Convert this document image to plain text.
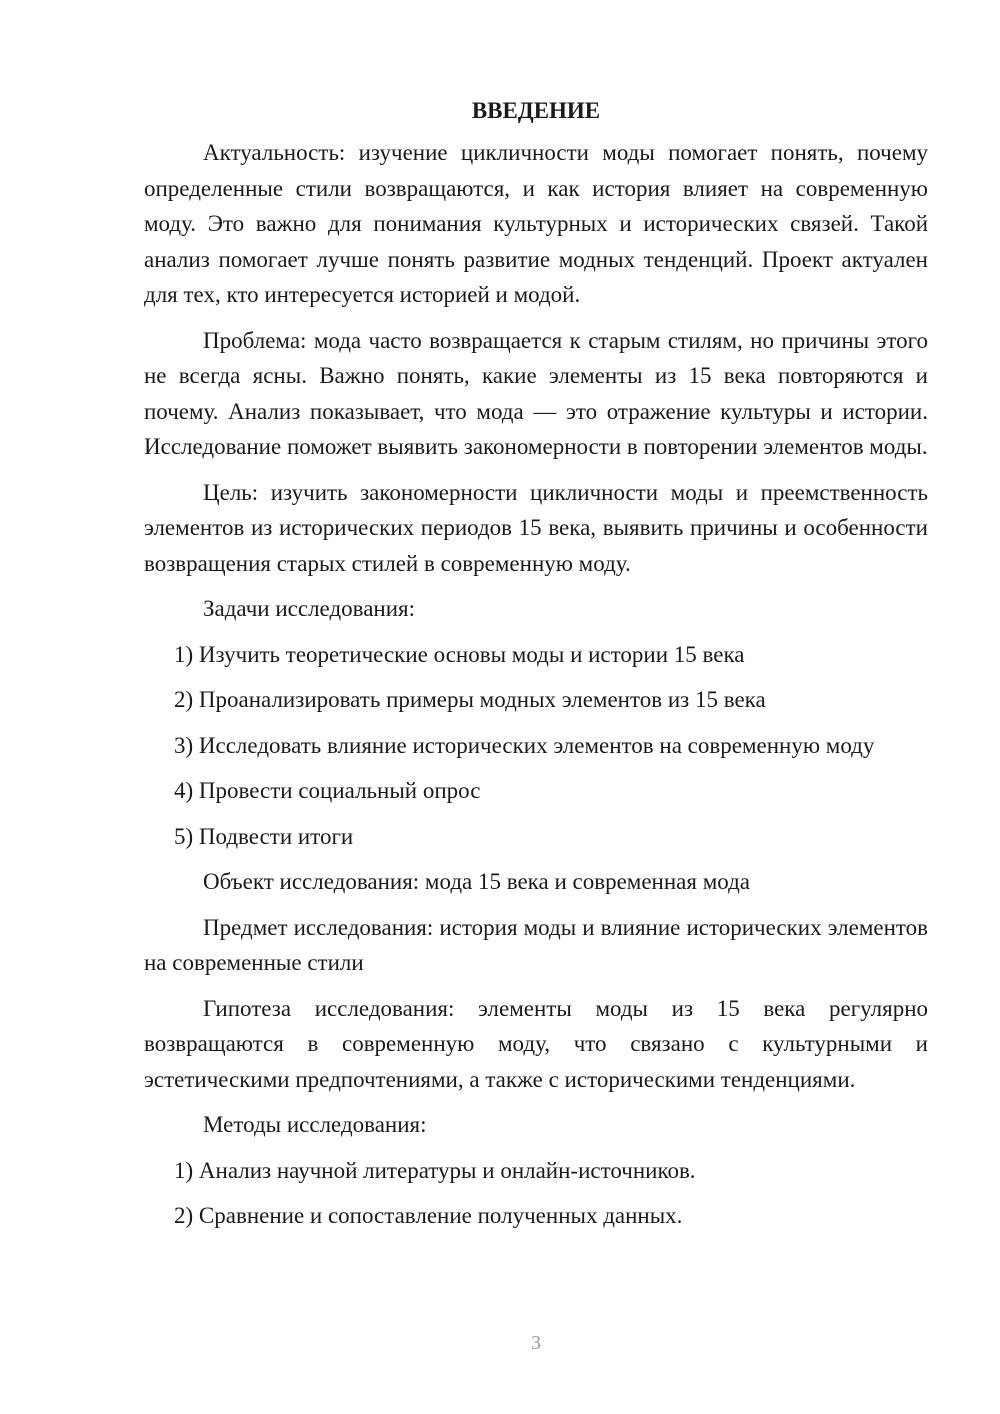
ВВЕДЕНИЕ

Актуальность: изучение цикличности моды помогает понять, почему определенные стили возвращаются, и как история влияет на современную моду. Это важно для понимания культурных и исторических связей. Такой анализ помогает лучше понять развитие модных тенденций. Проект актуален для тех, кто интересуется историей и модой.

Проблема: мода часто возвращается к старым стилям, но причины этого не всегда ясны. Важно понять, какие элементы из 15 века повторяются и почему. Анализ показывает, что мода — это отражение культуры и истории. Исследование поможет выявить закономерности в повторении элементов моды.

Цель: изучить закономерности цикличности моды и преемственность элементов из исторических периодов 15 века, выявить причины и особенности возвращения старых стилей в современную моду.

Задачи исследования:

1) Изучить теоретические основы моды и истории 15 века
2) Проанализировать примеры модных элементов из 15 века
3) Исследовать влияние исторических элементов на современную моду
4) Провести социальный опрос
5) Подвести итоги

Объект исследования: мода 15 века и современная мода

Предмет исследования: история моды и влияние исторических элементов на современные стили

Гипотеза исследования: элементы моды из 15 века регулярно возвращаются в современную моду, что связано с культурными и эстетическими предпочтениями, а также с историческими тенденциями.

Методы исследования:

1) Анализ научной литературы и онлайн-источников.
2) Сравнение и сопоставление полученных данных.
3
